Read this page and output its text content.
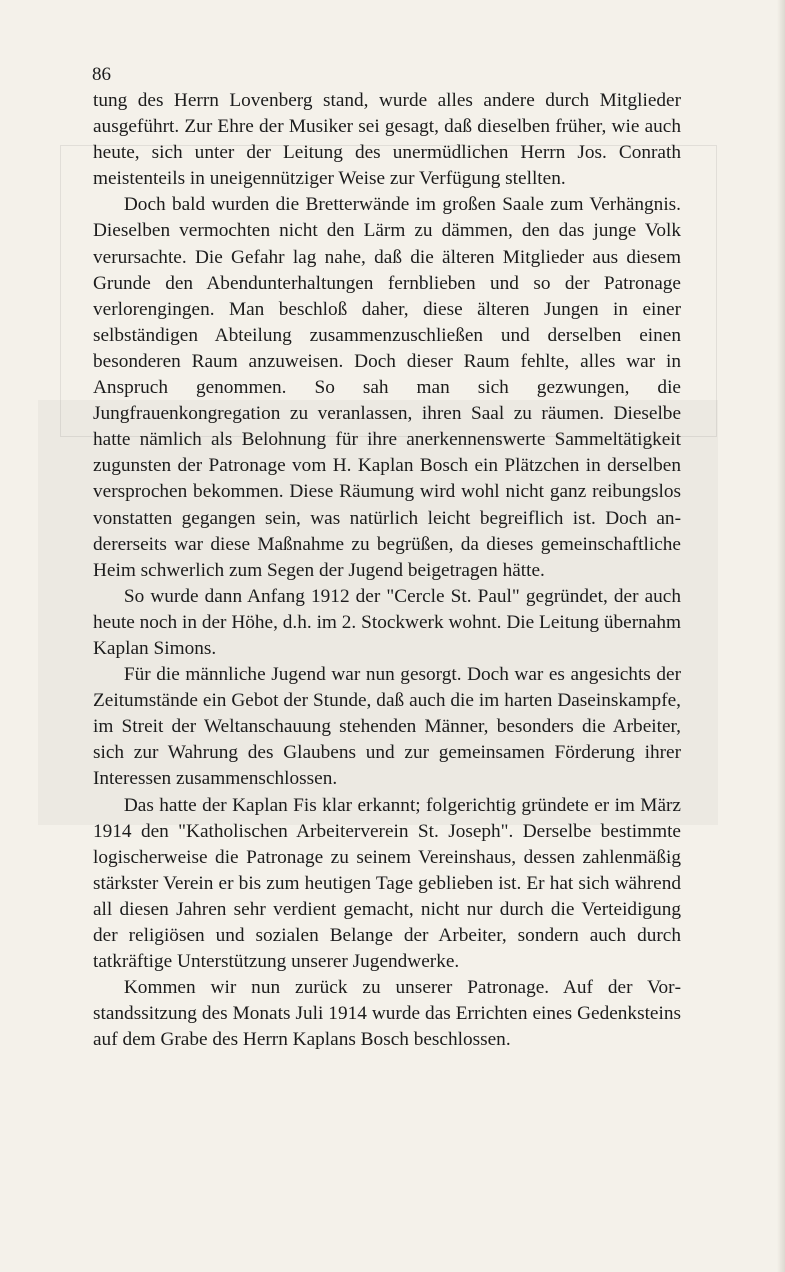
86

tung des Herrn Lovenberg stand, wurde alles andere durch Mitglieder ausgeführt. Zur Ehre der Musiker sei gesagt, daß dieselben früher, wie auch heute, sich unter der Leitung des unermüdlichen Herrn Jos. Conrath meistenteils in uneigennütziger Weise zur Verfügung stellten.

Doch bald wurden die Bretterwände im großen Saale zum Verhängnis. Dieselben vermochten nicht den Lärm zu dämmen, den das junge Volk verursachte. Die Gefahr lag nahe, daß die älteren Mitglieder aus diesem Grunde den Abendunterhaltungen fernblieben und so der Patronage verlorengingen. Man beschloß daher, diese älteren Jungen in einer selbständigen Abteilung zusammenzuschließen und derselben einen besonderen Raum anzuweisen. Doch dieser Raum fehlte, alles war in Anspruch genommen. So sah man sich gezwungen, die Jungfrauenkongregation zu veranlassen, ihren Saal zu räumen. Dieselbe hatte nämlich als Belohnung für ihre anerkennenswerte Sammeltätigkeit zugunsten der Patronage vom H. Kaplan Bosch ein Plätzchen in derselben versprochen bekommen. Diese Räumung wird wohl nicht ganz reibungslos vonstatten gegangen sein, was natürlich leicht begreiflich ist. Doch andererseits war diese Maßnahme zu begrüßen, da dieses gemeinschaftliche Heim schwerlich zum Segen der Jugend beigetragen hätte.

So wurde dann Anfang 1912 der "Cercle St. Paul" gegründet, der auch heute noch in der Höhe, d.h. im 2. Stockwerk wohnt. Die Leitung übernahm Kaplan Simons.

Für die männliche Jugend war nun gesorgt. Doch war es angesichts der Zeitumstände ein Gebot der Stunde, daß auch die im harten Daseinskampfe, im Streit der Weltanschauung stehenden Männer, besonders die Arbeiter, sich zur Wahrung des Glaubens und zur gemeinsamen Förderung ihrer Interessen zusammenschlossen.

Das hatte der Kaplan Fis klar erkannt; folgerichtig gründete er im März 1914 den "Katholischen Arbeiterverein St. Joseph". Derselbe bestimmte logischerweise die Patronage zu seinem Vereinshaus, dessen zahlenmäßig stärkster Verein er bis zum heutigen Tage geblieben ist. Er hat sich während all diesen Jahren sehr verdient gemacht, nicht nur durch die Verteidigung der religiösen und sozialen Belange der Arbeiter, sondern auch durch tatkräftige Unterstützung unserer Jugendwerke.

Kommen wir nun zurück zu unserer Patronage. Auf der Vorstandssitzung des Monats Juli 1914 wurde das Errichten eines Gedenksteins auf dem Grabe des Herrn Kaplans Bosch beschlossen.
